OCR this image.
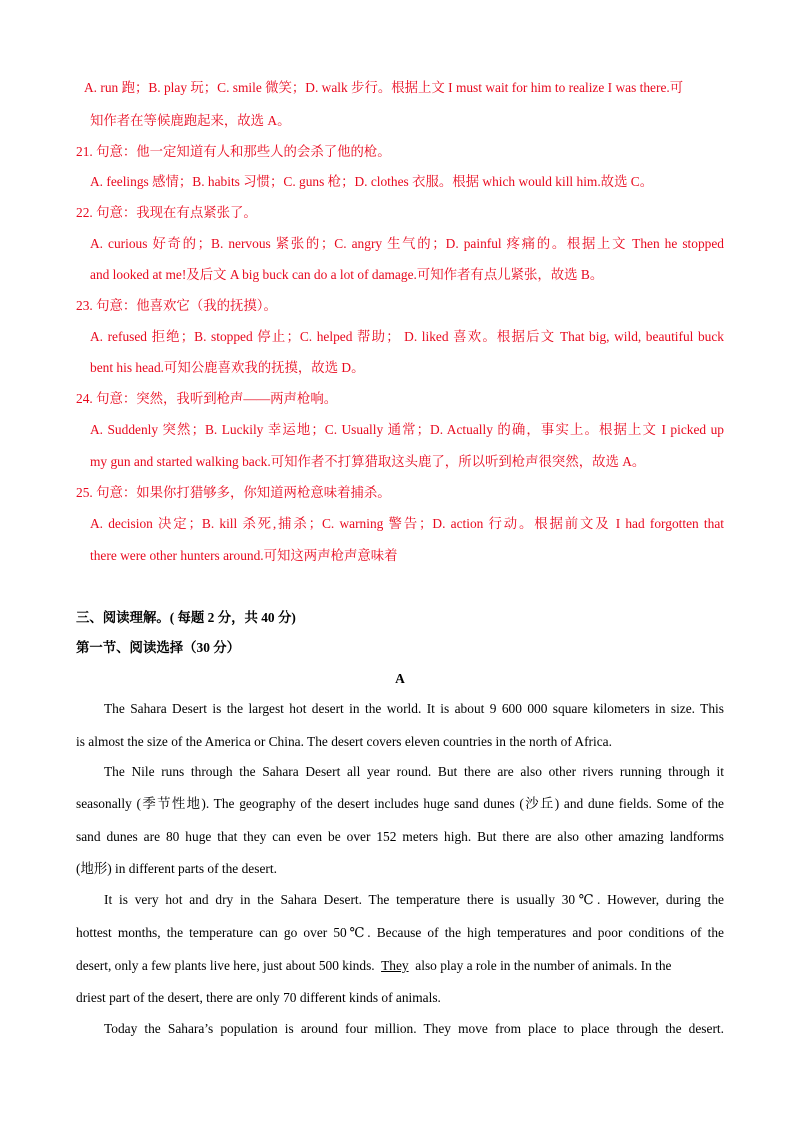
A. run 跑；B. play 玩；C. smile 微笑；D. walk 步行。根据上文 I must wait for him to realize I was there.可
知作者在等候鹿跑起来，故选 A。
21. 句意：他一定知道有人和那些人的会杀了他的枪。
A. feelings 感情；B. habits 习惯；C. guns 枪；D. clothes 衣服。根据 which would kill him.故选 C。
22. 句意：我现在有点紧张了。
A. curious 好奇的；B. nervous 紧张的；C. angry 生气的；D. painful 疼痛的。根据上文 Then he stopped
and looked at me!及后文 A big buck can do a lot of damage.可知作者有点儿紧张，故选 B。
23. 句意：他喜欢它（我的抚摸）。
A. refused 拒绝；B. stopped 停止；C. helped 帮助； D. liked 喜欢。根据后文 That big, wild, beautiful buck
bent his head.可知公鹿喜欢我的抚摸，故选 D。
24. 句意：突然，我听到枪声——两声枪响。
A. Suddenly 突然；B. Luckily 幸运地；C. Usually 通常；D. Actually 的确，事实上。根据上文 I picked up
my gun and started walking back.可知作者不打算猎取这头鹿了，所以听到枪声很突然，故选 A。
25. 句意：如果你打猎够多，你知道两枪意味着捕杀。
A. decision 决定；B. kill 杀死,捕杀；C. warning 警告；D. action 行动。根据前文及 I had forgotten that
there were other hunters around.可知这两声枪声意味着
三、阅读理解。( 每题 2 分，共 40 分)
第一节、阅读选择（30 分）
A
The Sahara Desert is the largest hot desert in the world. It is about 9 600 000 square kilometers in size. This
is almost the size of the America or China. The desert covers eleven countries in the north of Africa.
The Nile runs through the Sahara Desert all year round. But there are also other rivers running through it
seasonally (季节性地). The geography of the desert includes huge sand dunes (沙丘) and dune fields. Some of the
sand dunes are 80 huge that they can even be over 152 meters high. But there are also other amazing landforms
(地形) in different parts of the desert.
It is very hot and dry in the Sahara Desert. The temperature there is usually 30℃. However, during the
hottest months, the temperature can go over 50℃. Because of the high temperatures and poor conditions of the
desert, only a few plants live here, just about 500 kinds.  They  also play a role in the number of animals. In the
driest part of the desert, there are only 70 different kinds of animals.
Today the Sahara’s population is around four million. They move from place to place through the desert.
